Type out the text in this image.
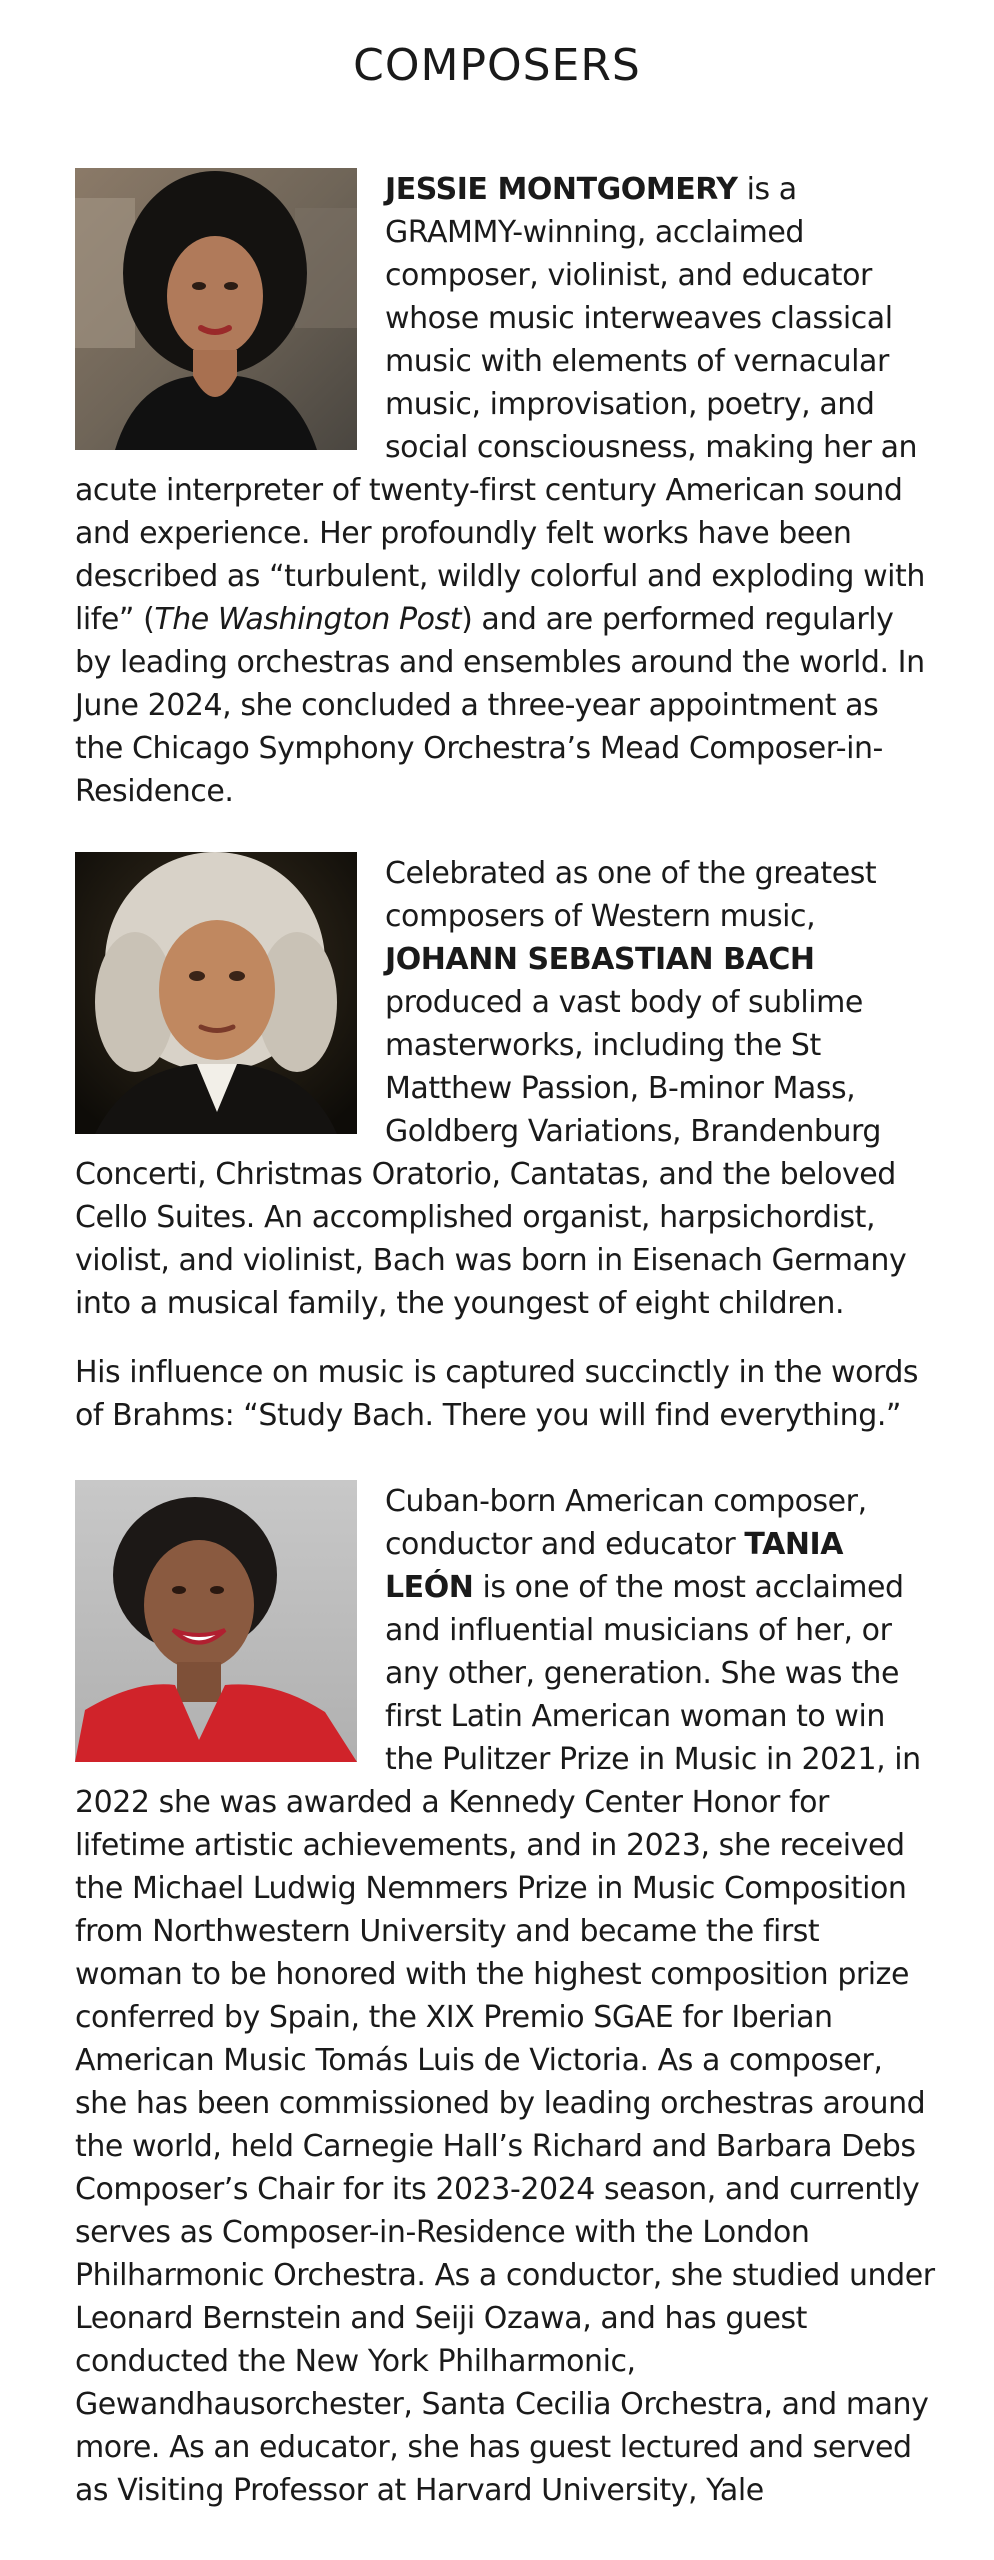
COMPOSERS
JESSIE MONTGOMERY is a GRAMMY-winning, acclaimed composer, violinist, and educator whose music interweaves classical music with elements of vernacular music, improvisation, poetry, and social consciousness, making her an acute interpreter of twenty-first century American sound and experience. Her profoundly felt works have been described as “turbulent, wildly colorful and exploding with life” (The Washington Post) and are performed regularly by leading orchestras and ensembles around the world. In June 2024, she concluded a three-year appointment as the Chicago Symphony Orchestra’s Mead Composer-in-Residence.
Celebrated as one of the greatest composers of Western music, JOHANN SEBASTIAN BACH produced a vast body of sublime masterworks, including the St Matthew Passion, B-minor Mass, Goldberg Variations, Brandenburg Concerti, Christmas Oratorio, Cantatas, and the beloved Cello Suites. An accomplished organist, harpsichordist, violist, and violinist, Bach was born in Eisenach Germany into a musical family, the youngest of eight children.

His influence on music is captured succinctly in the words of Brahms: “Study Bach. There you will find everything.”

Cuban-born American composer, conductor and educator TANIA LEÓN is one of the most acclaimed and influential musicians of her, or any other, generation. She was the first Latin American woman to win the Pulitzer Prize in Music in 2021, in 2022 she was awarded a Kennedy Center Honor for lifetime artistic achievements, and in 2023, she received the Michael Ludwig Nemmers Prize in Music Composition from Northwestern University and became the first woman to be honored with the highest composition prize conferred by Spain, the XIX Premio SGAE for Iberian American Music Tomás Luis de Victoria. As a composer, she has been commissioned by leading orchestras around the world, held Carnegie Hall’s Richard and Barbara Debs Composer’s Chair for its 2023-2024 season, and currently serves as Composer-in-Residence with the London Philharmonic Orchestra. As a conductor, she studied under Leonard Bernstein and Seiji Ozawa, and has guest conducted the New York Philharmonic, Gewandhausorchester, Santa Cecilia Orchestra, and many more. As an educator, she has guest lectured and served as Visiting Professor at Harvard University, Yale
